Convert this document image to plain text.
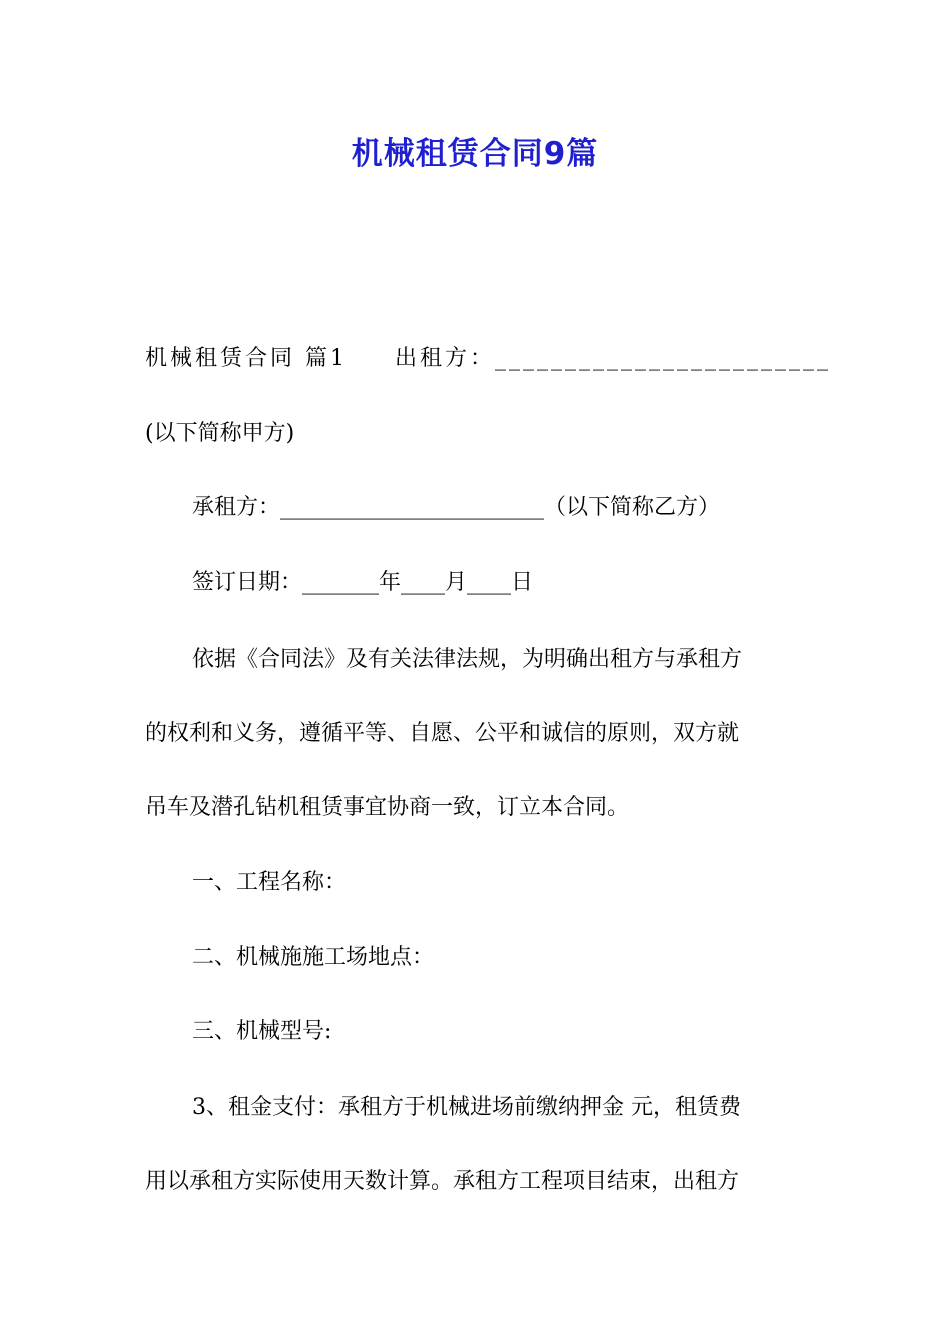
机械租赁合同9篇

机械租赁合同 篇1 出租方：________________________

(以下简称甲方)

承租方：________________________（以下简称乙方）

签订日期：_______年____月____日

依据《合同法》及有关法律法规，为明确出租方与承租方

的权利和义务，遵循平等、自愿、公平和诚信的原则，双方就

吊车及潜孔钻机租赁事宜协商一致，订立本合同。

一、工程名称：

二、机械施施工场地点：

三、机械型号:

3、租金支付：承租方于机械进场前缴纳押金 元，租赁费

用以承租方实际使用天数计算。承租方工程项目结束，出租方
